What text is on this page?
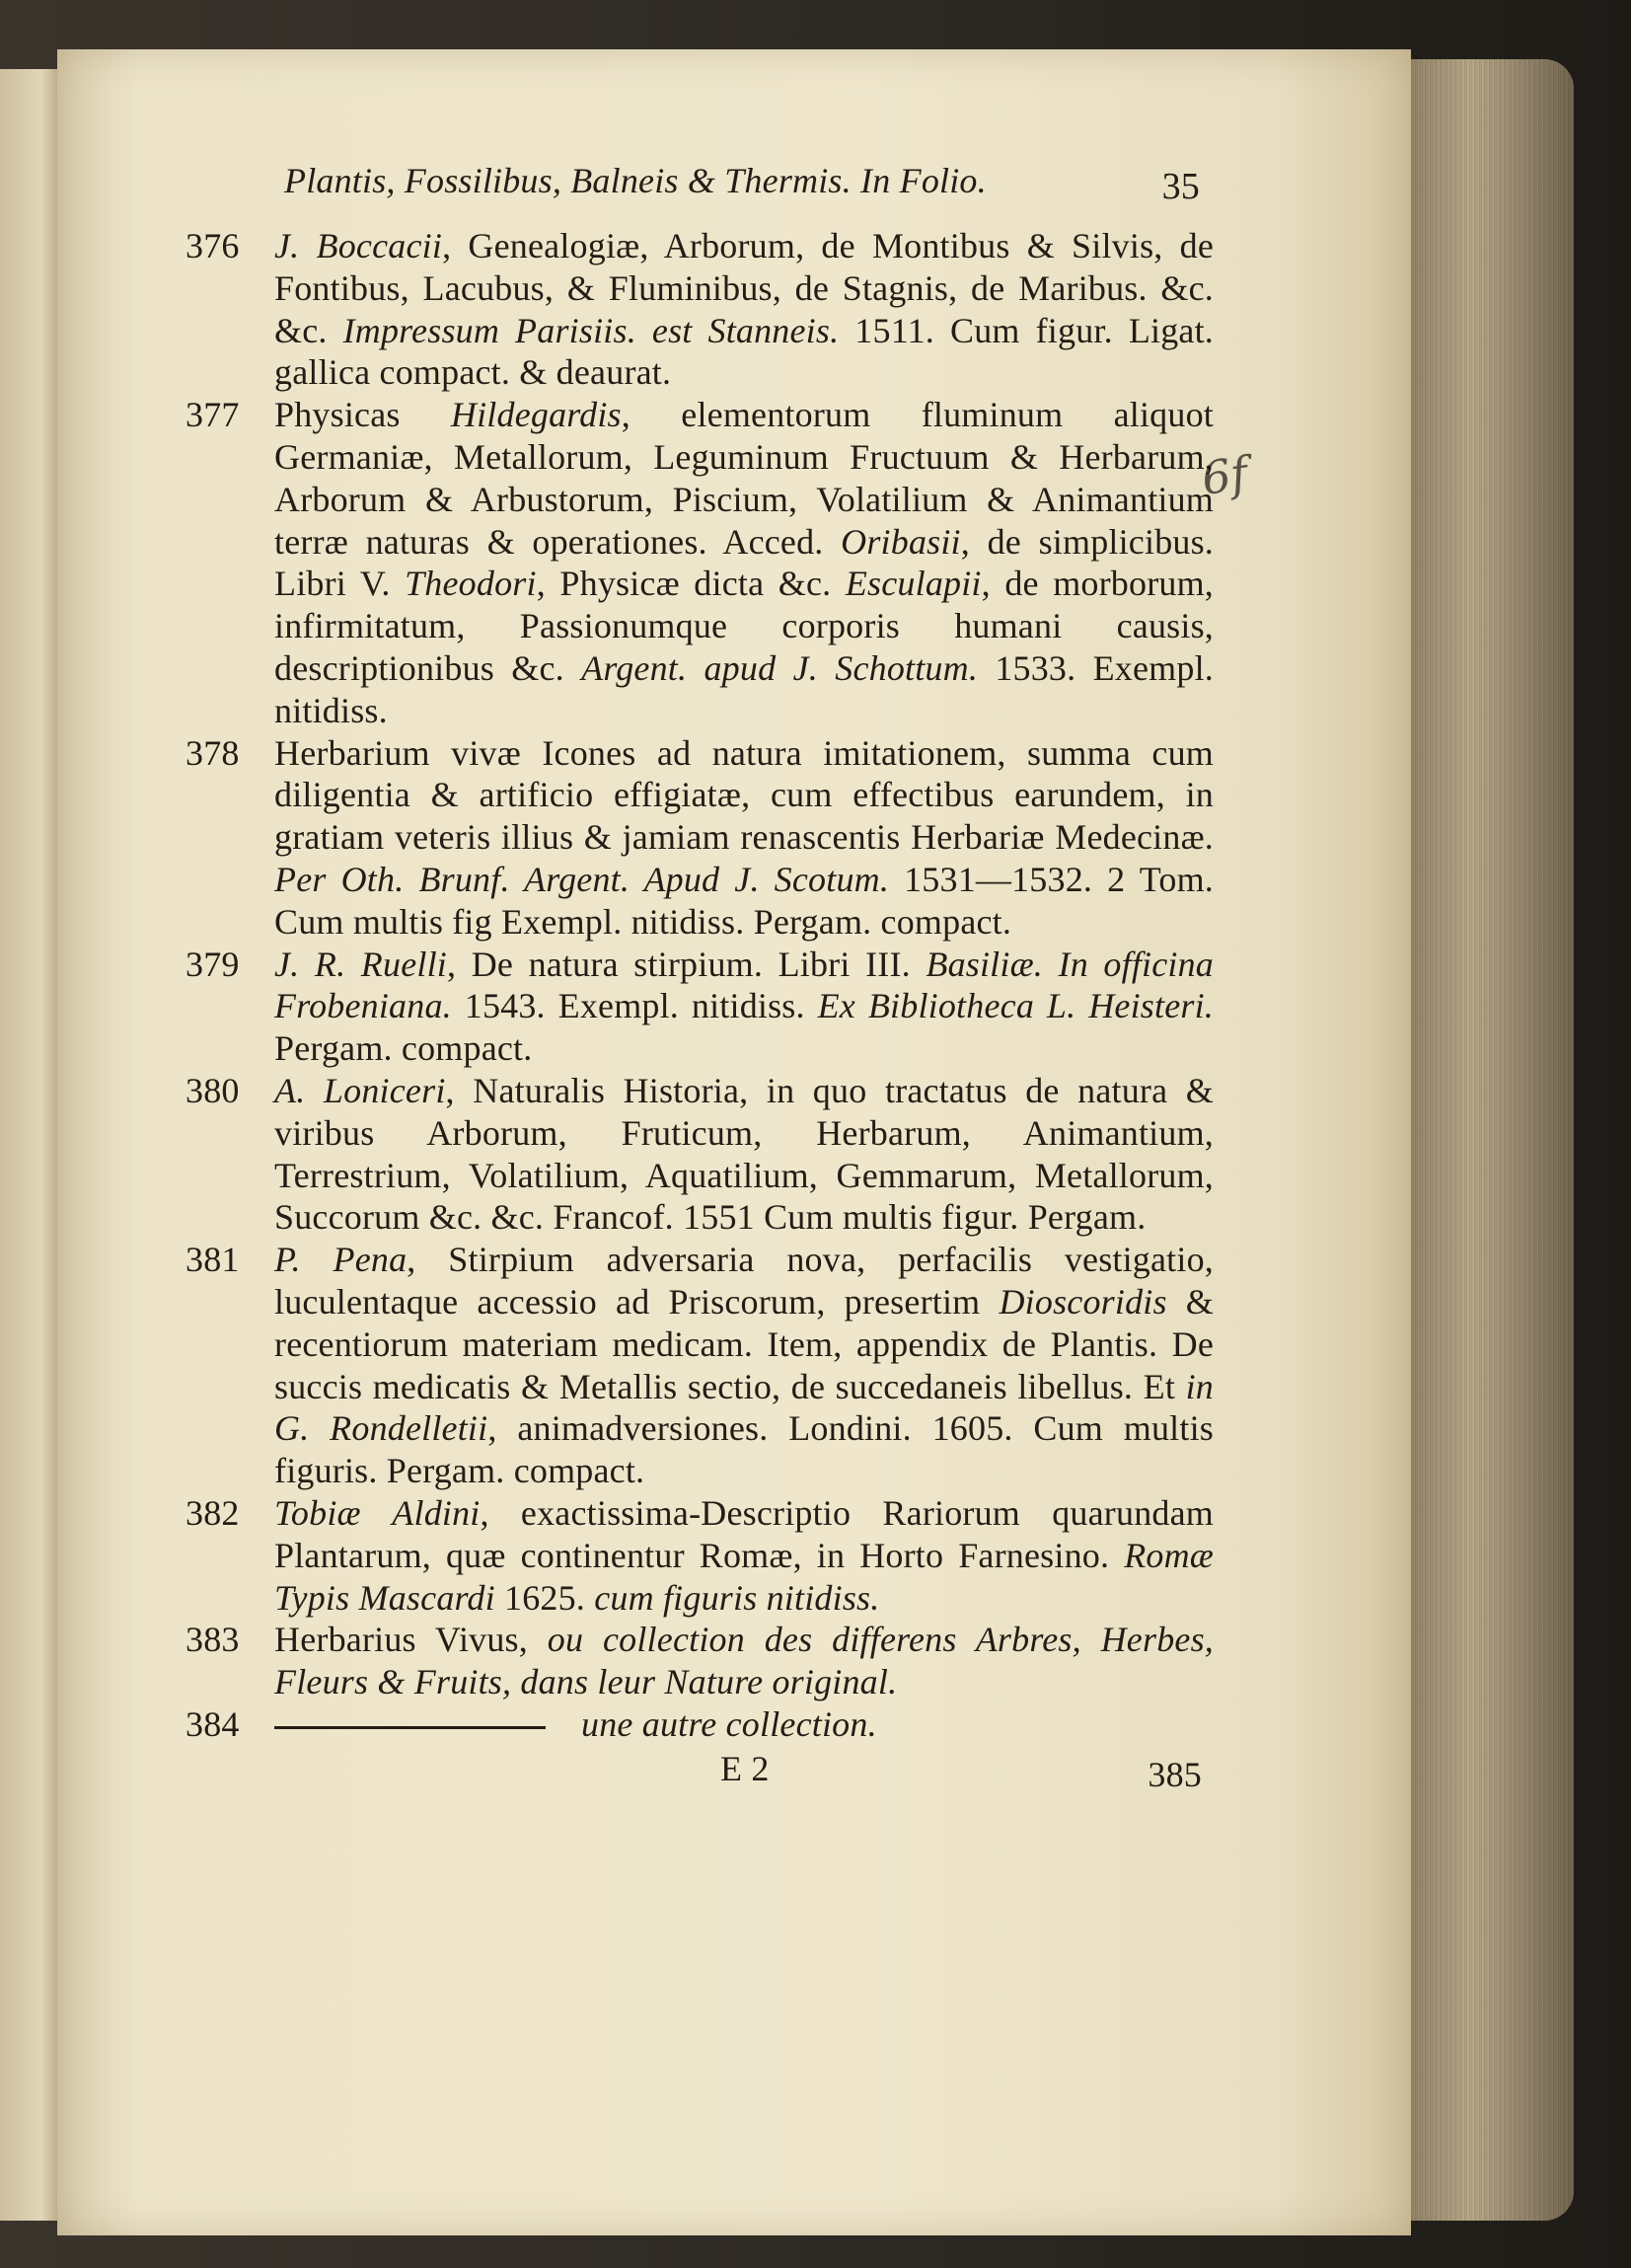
6f
Plantis, Fossilibus, Balneis & Thermis. In Folio.	35
376 J. Boccacii, Genealogiæ, Arborum, de Montibus & Silvis, de Fontibus, Lacubus, & Fluminibus, de Stagnis, de Maribus. &c. &c. Impressum Parisiis. est Stanneis. 1511. Cum figur. Ligat. gallica compact. & deaurat.
377 Physicas Hildegardis, elementorum fluminum aliquot Germaniæ, Metallorum, Leguminum Fructuum & Herbarum, Arborum & Arbustorum, Piscium, Volatilium & Animantium terræ naturas & operationes. Acced. Oribasii, de simplicibus. Libri V. Theodori, Physicæ dicta &c. Esculapii, de morborum, infirmitatum, Passionumque corporis humani causis, descriptionibus &c. Argent. apud J. Schottum. 1533. Exempl. nitidiss.
378 Herbarium vivæ Icones ad natura imitationem, summa cum diligentia & artificio effigiatæ, cum effectibus earundem, in gratiam veteris illius & jamiam renascentis Herbariæ Medecinæ. Per Oth. Brunf. Argent. Apud J. Scotum. 1531—1532. 2 Tom. Cum multis fig Exempl. nitidiss. Pergam. compact.
379 J. R. Ruelli, De natura stirpium. Libri III. Basiliæ. In officina Frobeniana. 1543. Exempl. nitidiss. Ex Bibliotheca L. Heisteri. Pergam. compact.
380 A. Loniceri, Naturalis Historia, in quo tractatus de natura & viribus Arborum, Fruticum, Herbarum, Animantium, Terrestrium, Volatilium, Aquatilium, Gemmarum, Metallorum, Succorum &c. &c. Francof. 1551 Cum multis figur. Pergam.
381 P. Pena, Stirpium adversaria nova, perfacilis vestigatio, luculentaque accessio ad Priscorum, presertim Dioscoridis & recentiorum materiam medicam. Item, appendix de Plantis. De succis medicatis & Metallis sectio, de succedaneis libellus. Et in G. Rondelletii, animadversiones. Londini. 1605. Cum multis figuris. Pergam. compact.
382 Tobiæ Aldini, exactissima-Descriptio Rariorum quarundam Plantarum, quæ continentur Romæ, in Horto Farnesino. Romæ Typis Mascardi 1625. cum figuris nitidiss.
383 Herbarius Vivus, ou collection des differens Arbres, Herbes, Fleurs & Fruits, dans leur Nature original.
384	une autre collection.
E 2	385
